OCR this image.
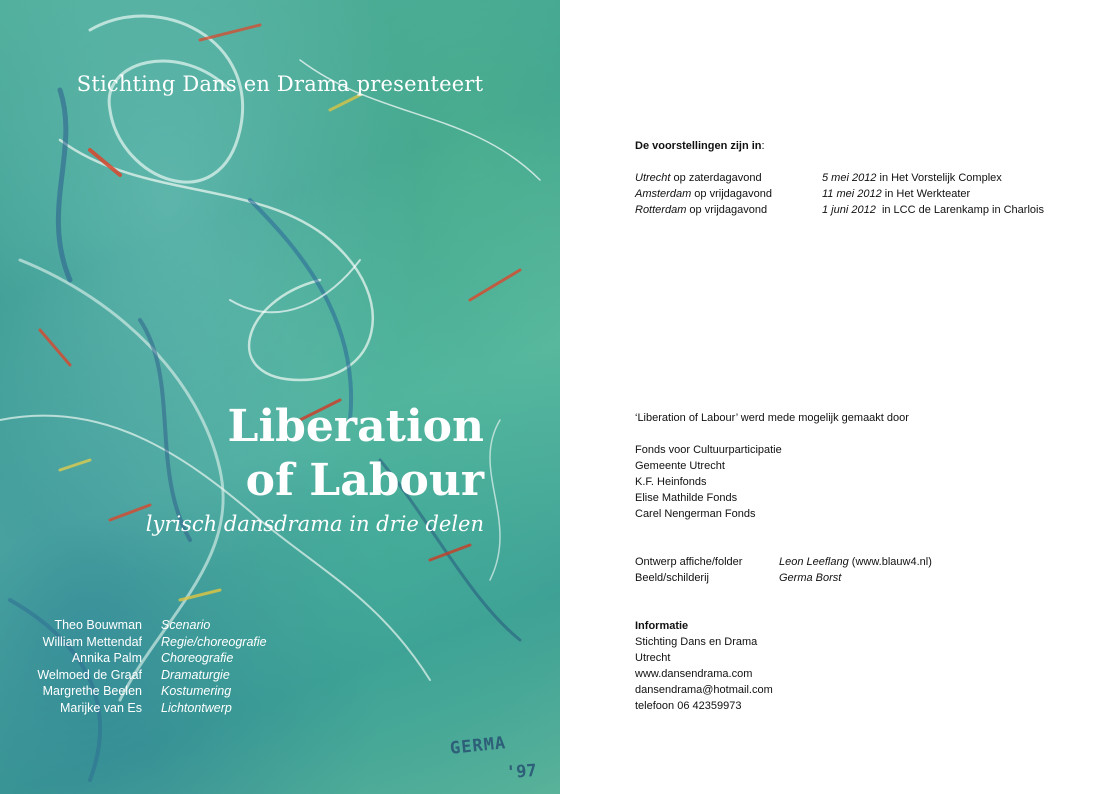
Stichting Dans en Drama presenteert
Liberation
of Labour
lyrisch dansdrama in drie delen
Theo Bouwman	Scenario
William Mettendaf	Regie/choreografie
Annika Palm	Choreografie
Welmoed de Graaf	Dramaturgie
Margrethe Beelen	Kostumering
Marijke van Es	Lichtontwerp
GERMA
'97
De voorstellingen zijn in:
Utrecht op zaterdagavond	5 mei 2012 in Het Vorstelijk Complex
Amsterdam op vrijdagavond	11 mei 2012 in Het Werkteater
Rotterdam op vrijdagavond	1 juni 2012  in LCC de Larenkamp in Charlois
‘Liberation of Labour’ werd mede mogelijk gemaakt door
Fonds voor Cultuurparticipatie
Gemeente Utrecht
K.F. Heinfonds
Elise Mathilde Fonds
Carel Nengerman Fonds
Ontwerp affiche/folder	Leon Leeflang (www.blauw4.nl)
Beeld/schilderij	Germa Borst
Informatie
Stichting Dans en Drama
Utrecht
www.dansendrama.com
dansendrama@hotmail.com
telefoon 06 42359973
